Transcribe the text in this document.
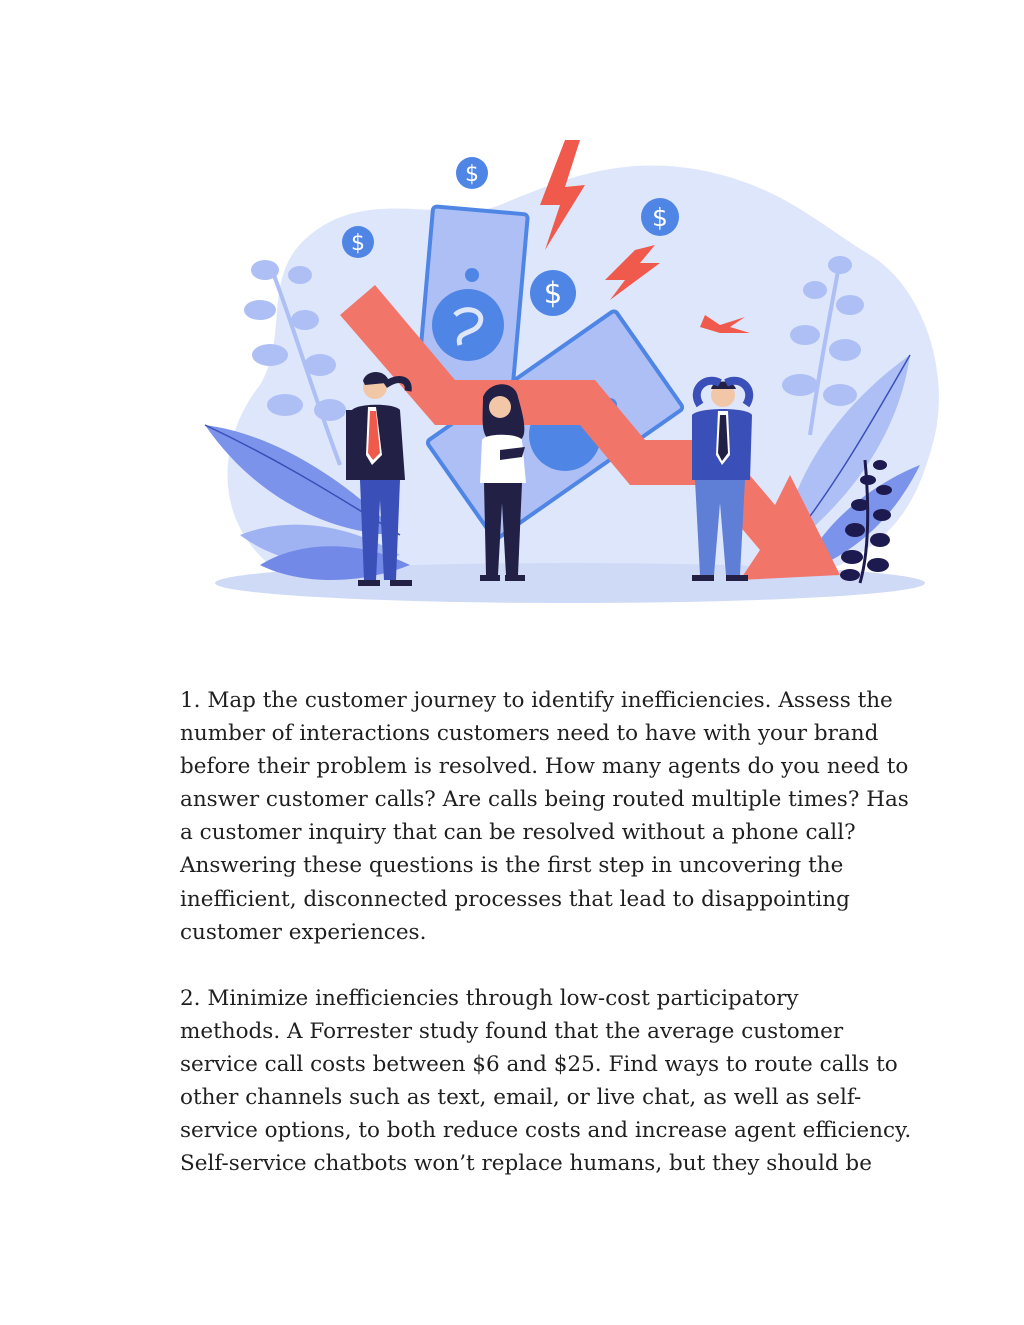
$
$
$
$

1. Map the customer journey to identify inefficiencies. Assess the
number of interactions customers need to have with your brand
before their problem is resolved. How many agents do you need to
answer customer calls? Are calls being routed multiple times? Has
a customer inquiry that can be resolved without a phone call?
Answering these questions is the first step in uncovering the
inefficient, disconnected processes that lead to disappointing
customer experiences.

2. Minimize inefficiencies through low-cost participatory
methods. A Forrester study found that the average customer
service call costs between $6 and $25. Find ways to route calls to
other channels such as text, email, or live chat, as well as self-
service options, to both reduce costs and increase agent efficiency.
Self-service chatbots won’t replace humans, but they should be
